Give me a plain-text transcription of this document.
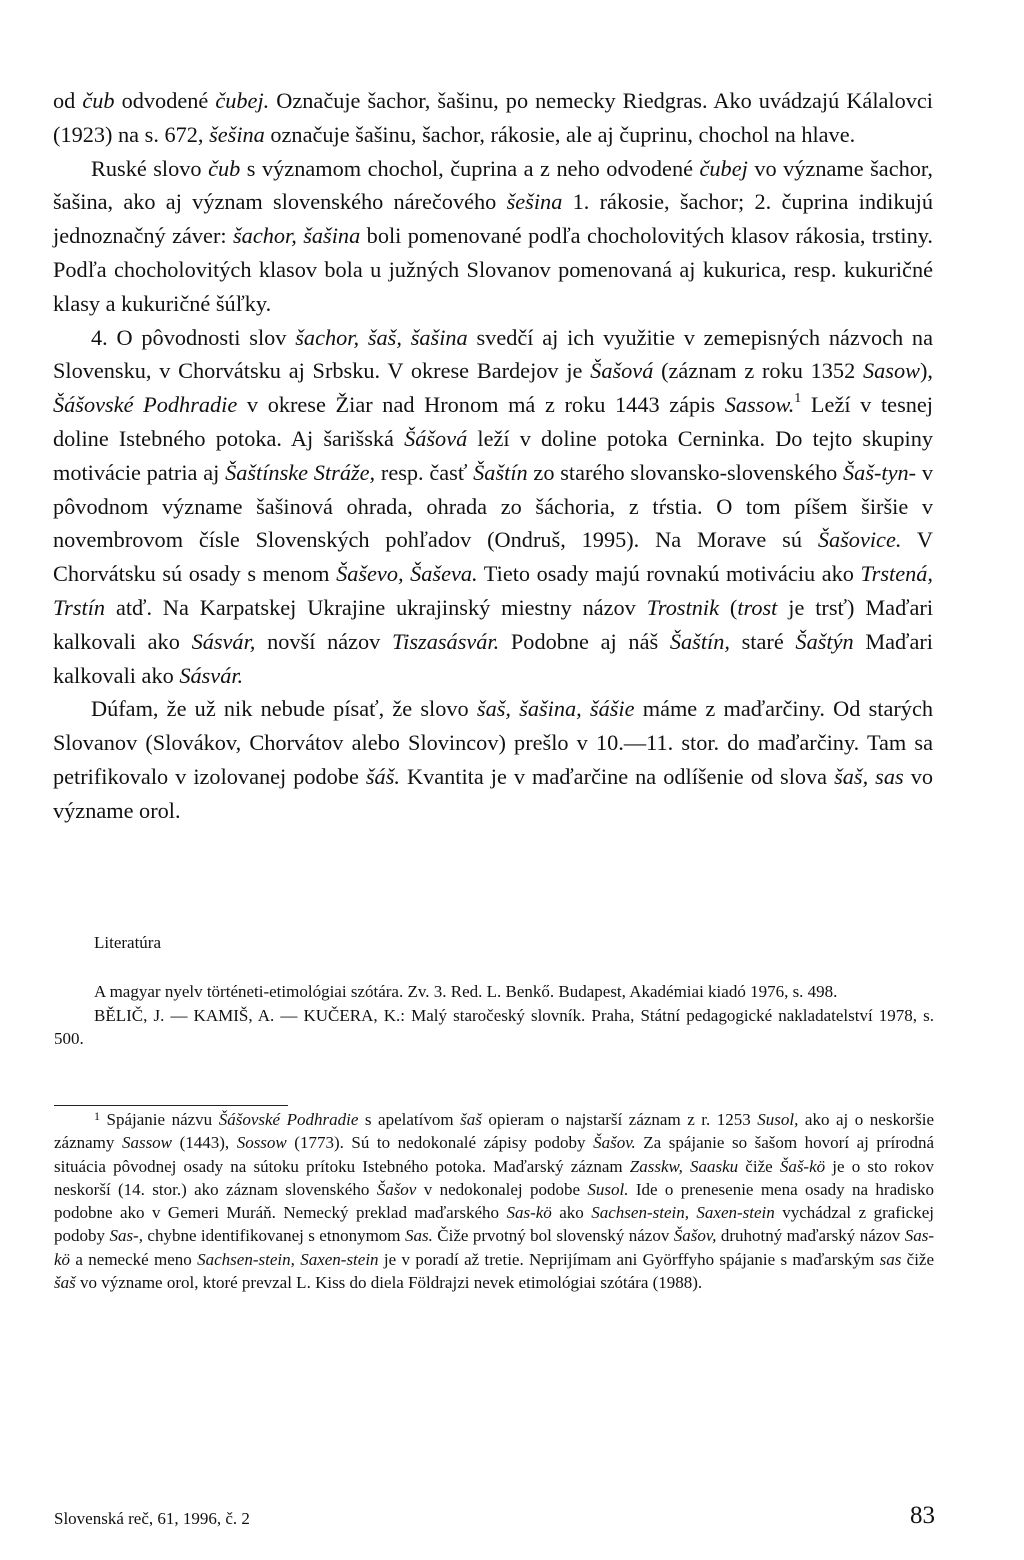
od čub odvodené čubej. Označuje šachor, šašinu, po nemecky Riedgras. Ako uvádzajú Kálalovci (1923) na s. 672, šešina označuje šašinu, šachor, rákosie, ale aj čuprinu, chochol na hlave.

Ruské slovo čub s významom chochol, čuprina a z neho odvodené čubej vo význame šachor, šašina, ako aj význam slovenského nárečového šešina 1. rákosie, šachor; 2. čuprina indikujú jednoznačný záver: šachor, šašina boli pomenované podľa chocholovitých klasov rákosia, trstiny. Podľa chocholovitých klasov bola u južných Slovanov pomenovaná aj kukurica, resp. kukuričné klasy a kukuričné šúľky.

4. O pôvodnosti slov šachor, šaš, šašina svedčí aj ich využitie v zemepisných názvoch na Slovensku, v Chorvátsku aj Srbsku. V okrese Bardejov je Šašová (záznam z roku 1352 Sasow), Šášovské Podhradie v okrese Žiar nad Hronom má z roku 1443 zápis Sassow.$^1$ Leží v tesnej doline Istebného potoka. Aj šarišská Šášová leží v doline potoka Cerninka. Do tejto skupiny motivácie patria aj Šaštínske Stráže, resp. časť Šaštín zo starého slovansko-slovenského Šaš-tyn- v pôvodnom význame šašinová ohrada, ohrada zo šáchoria, z tŕstia. O tom píšem širšie v novembrovom čísle Slovenských pohľadov (Ondruš, 1995). Na Morave sú Šašovice. V Chorvátsku sú osady s menom Šaševo, Šaševa. Tieto osady majú rovnakú motiváciu ako Trstená, Trstín atď. Na Karpatskej Ukrajine ukrajinský miestny názov Trostnik (trost je trsť) Maďari kalkovali ako Sásvár, novší názov Tiszasásvár. Podobne aj náš Šaštín, staré Šaštýn Maďari kalkovali ako Sásvár.

Dúfam, že už nik nebude písať, že slovo šaš, šašina, šášie máme z maďarčiny. Od starých Slovanov (Slovákov, Chorvátov alebo Slovincov) prešlo v 10.—11. stor. do maďarčiny. Tam sa petrifikovalo v izolovanej podobe šáš. Kvantita je v maďarčine na odlíšenie od slova šaš, sas vo význame orol.

Literatúra

A magyar nyelv történeti-etimológiai szótára. Zv. 3. Red. L. Benkő. Budapest, Akadémiai kiadó 1976, s. 498.

BĚLIČ, J. — KAMIŠ, A. — KUČERA, K.: Malý staročeský slovník. Praha, Státní pedagogické nakladatelství 1978, s. 500.

$^1$ Spájanie názvu Šášovské Podhradie s apelatívom šaš opieram o najstarší záznam z r. 1253 Susol, ako aj o neskoršie záznamy Sassow (1443), Sossow (1773). Sú to nedokonalé zápisy podoby Šašov. Za spájanie so šašom hovorí aj prírodná situácia pôvodnej osady na sútoku prítoku Istebného potoka. Maďarský záznam Zasskw, Saasku čiže Šaš-kö je o sto rokov neskorší (14. stor.) ako záznam slovenského Šašov v nedokonalej podobe Susol. Ide o prenesenie mena osady na hradisko podobne ako v Gemeri Muráň. Nemecký preklad maďarského Sas-kö ako Sachsen-stein, Saxen-stein vychádzal z grafickej podoby Sas-, chybne identifikovanej s etnonymom Sas. Čiže prvotný bol slovenský názov Šašov, druhotný maďarský názov Sas-kö a nemecké meno Sachsen-stein, Saxen-stein je v poradí až tretie. Neprijímam ani Györffyho spájanie s maďarským sas čiže šaš vo význame orol, ktoré prevzal L. Kiss do diela Földrajzi nevek etimológiai szótára (1988).

Slovenská reč, 61, 1996, č. 2	83
